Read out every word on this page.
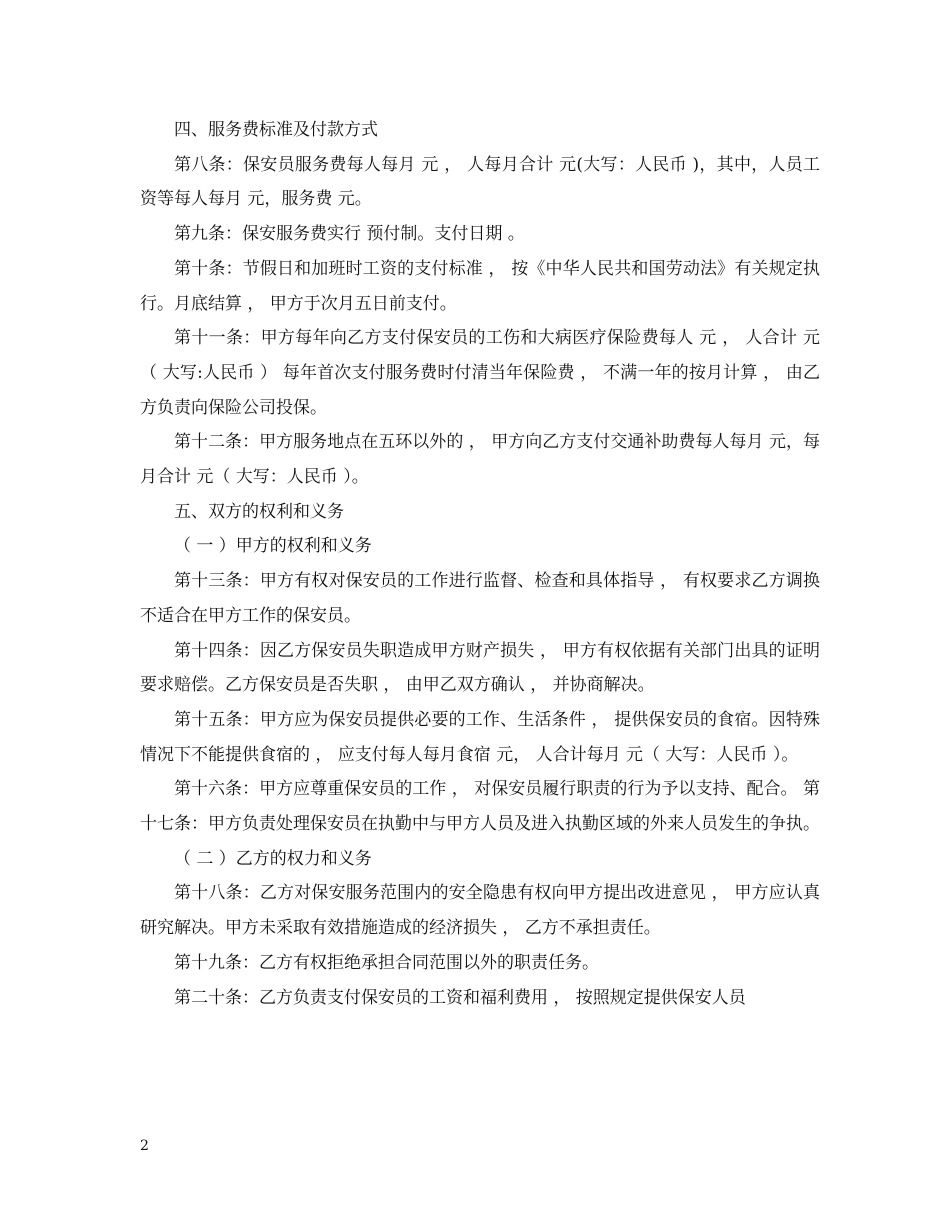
四、服务费标准及付款方式

第八条：保安员服务费每人每月 元 ， 人每月合计 元(大写：人民币 )，其中，人员工资等每人每月 元，服务费 元。

第九条：保安服务费实行 预付制。支付日期 。

第十条：节假日和加班时工资的支付标准 ， 按《中华人民共和国劳动法》有关规定执行。月底结算 ， 甲方于次月五日前支付。

第十一条：甲方每年向乙方支付保安员的工伤和大病医疗保险费每人 元 ， 人合计 元（ 大写:人民币 ） 每年首次支付服务费时付清当年保险费 ， 不满一年的按月计算 ， 由乙方负责向保险公司投保。

第十二条：甲方服务地点在五环以外的 ， 甲方向乙方支付交通补助费每人每月 元，每月合计 元（ 大写：人民币 ）。

五、双方的权利和义务

（ 一 ）甲方的权利和义务

第十三条：甲方有权对保安员的工作进行监督、检查和具体指导 ， 有权要求乙方调换不适合在甲方工作的保安员。

第十四条：因乙方保安员失职造成甲方财产损失 ， 甲方有权依据有关部门出具的证明要求赔偿。乙方保安员是否失职 ， 由甲乙双方确认 ， 并协商解决。

第十五条：甲方应为保安员提供必要的工作、生活条件 ， 提供保安员的食宿。因特殊情况下不能提供食宿的 ， 应支付每人每月食宿 元， 人合计每月 元（ 大写：人民币 ）。

第十六条：甲方应尊重保安员的工作 ， 对保安员履行职责的行为予以支持、配合。 第十七条：甲方负责处理保安员在执勤中与甲方人员及进入执勤区域的外来人员发生的争执。

（ 二 ）乙方的权力和义务

第十八条：乙方对保安服务范围内的安全隐患有权向甲方提出改进意见 ， 甲方应认真研究解决。甲方未采取有效措施造成的经济损失 ， 乙方不承担责任。

第十九条：乙方有权拒绝承担合同范围以外的职责任务。

第二十条：乙方负责支付保安员的工资和福利费用 ， 按照规定提供保安人员

2
